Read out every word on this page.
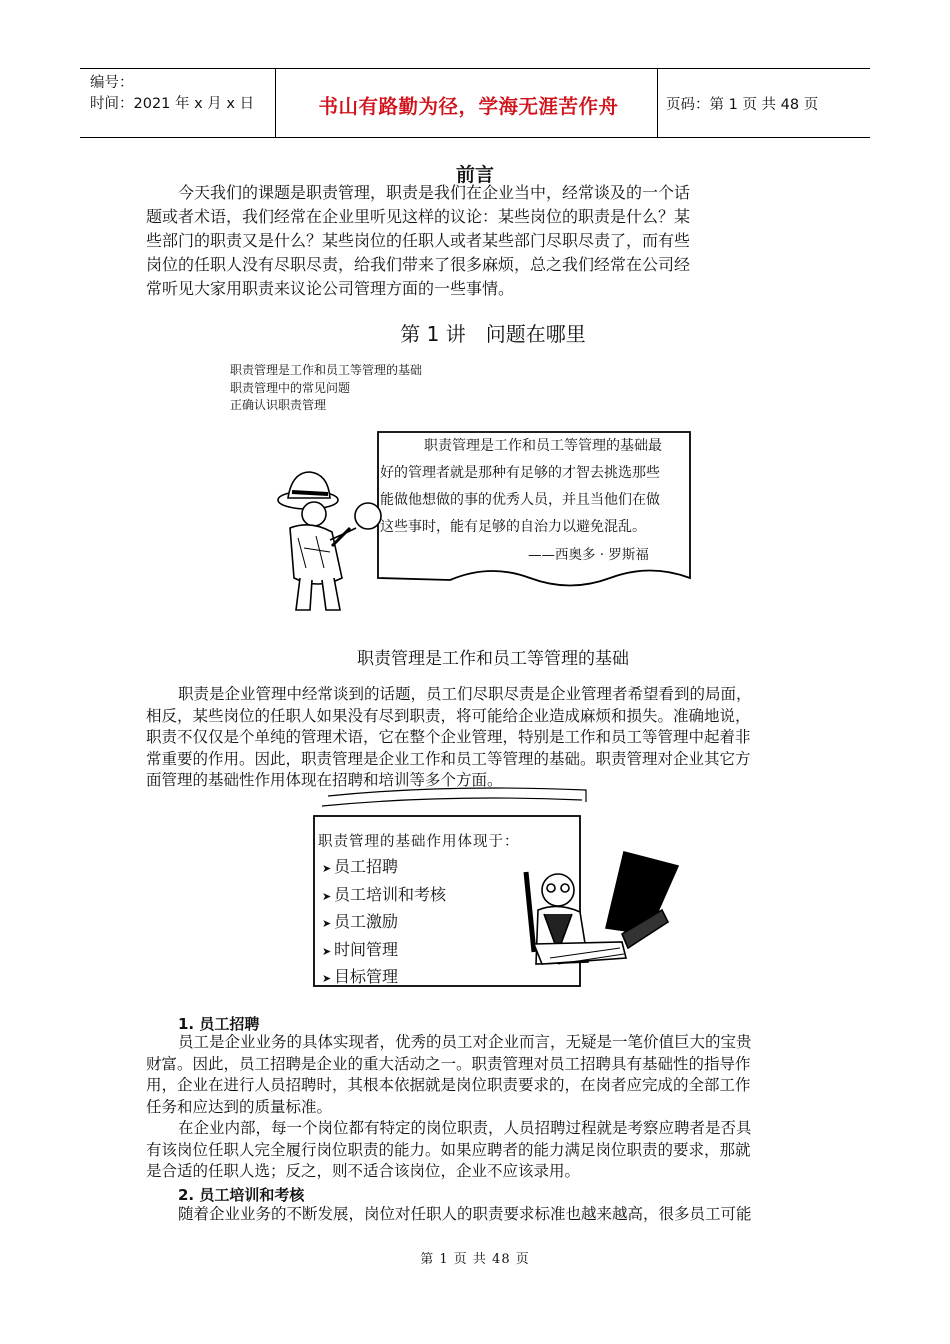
编号：
时间：2021 年 x 月 x 日	书山有路勤为径，学海无涯苦作舟	页码：第 1 页 共 48 页
前言
今天我们的课题是职责管理，职责是我们在企业当中，经常谈及的一个话
题或者术语，我们经常在企业里听见这样的议论：某些岗位的职责是什么？某
些部门的职责又是什么？某些岗位的任职人或者某些部门尽职尽责了，而有些
岗位的任职人没有尽职尽责，给我们带来了很多麻烦，总之我们经常在公司经
常听见大家用职责来议论公司管理方面的一些事情。
第 1 讲　问题在哪里
职责管理是工作和员工等管理的基础
职责管理中的常见问题
正确认识职责管理
职责管理是工作和员工等管理的基础最
好的管理者就是那种有足够的才智去挑选那些
能做他想做的事的优秀人员，并且当他们在做
这些事时，能有足够的自治力以避免混乱。
——西奥多 · 罗斯福
职责管理是工作和员工等管理的基础
职责是企业管理中经常谈到的话题，员工们尽职尽责是企业管理者希望看到的局面，
相反，某些岗位的任职人如果没有尽到职责，将可能给企业造成麻烦和损失。准确地说，
职责不仅仅是个单纯的管理术语，它在整个企业管理，特别是工作和员工等管理中起着非
常重要的作用。因此，职责管理是企业工作和员工等管理的基础。职责管理对企业其它方
面管理的基础性作用体现在招聘和培训等多个方面。
职责管理的基础作用体现于：
➤ 员工招聘
➤ 员工培训和考核
➤ 员工激励
➤ 时间管理
➤ 目标管理
1. 员工招聘
员工是企业业务的具体实现者，优秀的员工对企业而言，无疑是一笔价值巨大的宝贵
财富。因此，员工招聘是企业的重大活动之一。职责管理对员工招聘具有基础性的指导作
用，企业在进行人员招聘时，其根本依据就是岗位职责要求的，在岗者应完成的全部工作
任务和应达到的质量标准。
在企业内部，每一个岗位都有特定的岗位职责，人员招聘过程就是考察应聘者是否具
有该岗位任职人完全履行岗位职责的能力。如果应聘者的能力满足岗位职责的要求，那就
是合适的任职人选；反之，则不适合该岗位，企业不应该录用。
2. 员工培训和考核
随着企业业务的不断发展，岗位对任职人的职责要求标准也越来越高，很多员工可能
第 1 页 共 48 页
